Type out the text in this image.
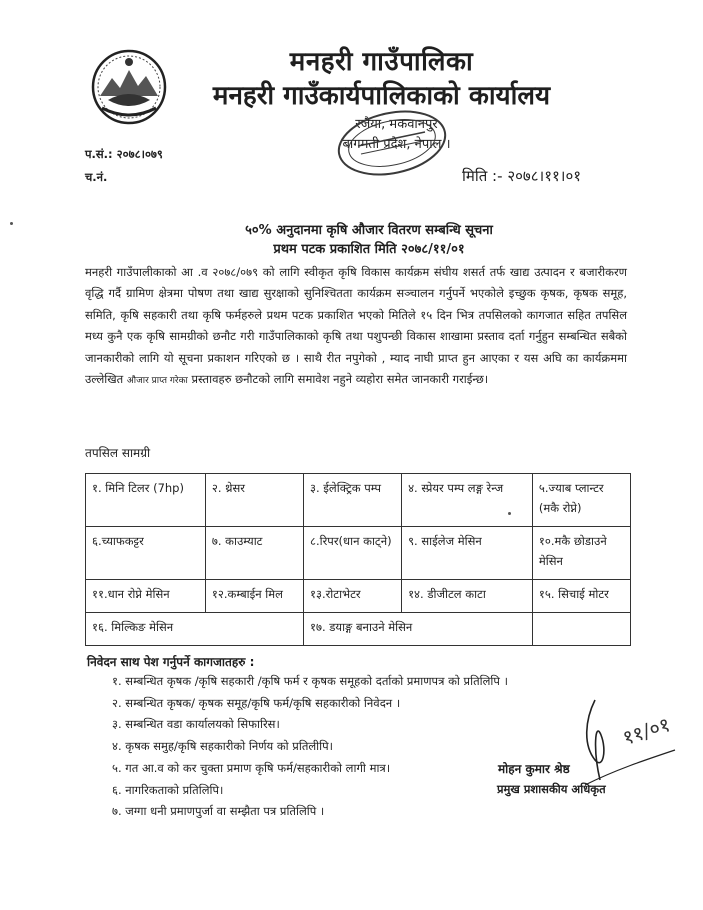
मनहरी गाउँपालिका
मनहरी गाउँकार्यपालिकाको कार्यालय
रजैया, मकवानपुर
बागमती प्रदेश, नेपाल ।
प.सं.: २०७८।०७९
च.नं.	मिति :- २०७८।११।०१
५०% अनुदानमा कृषि औजार वितरण सम्बन्धि सूचना
प्रथम पटक प्रकाशित मिति २०७८/११/०१
मनहरी गाउँपालीकाको आ .व २०७८/०७९ को लागि स्वीकृत कृषि विकास कार्यक्रम संघीय शसर्त तर्फ खाद्य उत्पादन र बजारीकरण वृद्धि गर्दै ग्रामिण क्षेत्रमा पोषण तथा खाद्य सुरक्षाको सुनिश्चितता कार्यक्रम सञ्चालन गर्नुपर्ने भएकोले इच्छुक कृषक, कृषक समूह, समिति, कृषि सहकारी तथा कृषि फर्महरुले प्रथम पटक प्रकाशित भएको मितिले १५ दिन भित्र तपसिलको कागजात सहित तपसिल मध्य कुनै एक कृषि सामग्रीको छनौट गरी गाउँपालिकाको कृषि तथा पशुपन्छी विकास शाखामा प्रस्ताव दर्ता गर्नुहुन सम्बन्धित सबैको जानकारीको लागि यो सूचना प्रकाशन गरिएको छ । साथै रीत नपुगेको , म्याद नाघी प्राप्त हुन आएका र यस अघि का कार्यक्रममा उल्लेखित औजार प्राप्त गरेका प्रस्तावहरु छनौटको लागि समावेश नहुने व्यहोरा समेत जानकारी गराईन्छ।
तपसिल सामग्री
१. मिनि टिलर (7hp)	२. थ्रेसर	३. ईलेक्ट्रिक पम्प	४. स्प्रेयर पम्प लङ्ग रेन्ज	५.ज्याब प्लान्टर (मकै रोप्ने)
६.च्याफकट्टर	७. काउम्याट	८.रिपर(धान काट्ने)	९. साईलेज मेसिन	१०.मकै छोडाउने मेसिन
११.धान रोप्ने मेसिन	१२.कम्बाईन मिल	१३.रोटाभेटर	१४. डीजीटल काटा	१५. सिचाई मोटर
१६. मिल्किङ मेसिन		१७. डयाङ्ग बनाउने मेसिन		
निवेदन साथ पेश गर्नुपर्ने कागजातहरु :
१. सम्बन्धित कृषक /कृषि सहकारी /कृषि फर्म र कृषक समूहको दर्ताको प्रमाणपत्र को प्रतिलिपि ।
२. सम्बन्धित कृषक/ कृषक समूह/कृषि फर्म/कृषि सहकारीको निवेदन ।
३. सम्बन्धित वडा कार्यालयको सिफारिस।
४. कृषक समुह/कृषि सहकारीको निर्णय को प्रतिलीपि।
५. गत आ.व को कर चुक्ता प्रमाण कृषि फर्म/सहकारीको लागी मात्र।
६. नागरिकताको प्रतिलिपि।
७. जग्गा धनी प्रमाणपुर्जा वा सम्झैता पत्र प्रतिलिपि ।
११/०१
मोहन कुमार श्रेष्ठ
प्रमुख प्रशासकीय अधिकृत
